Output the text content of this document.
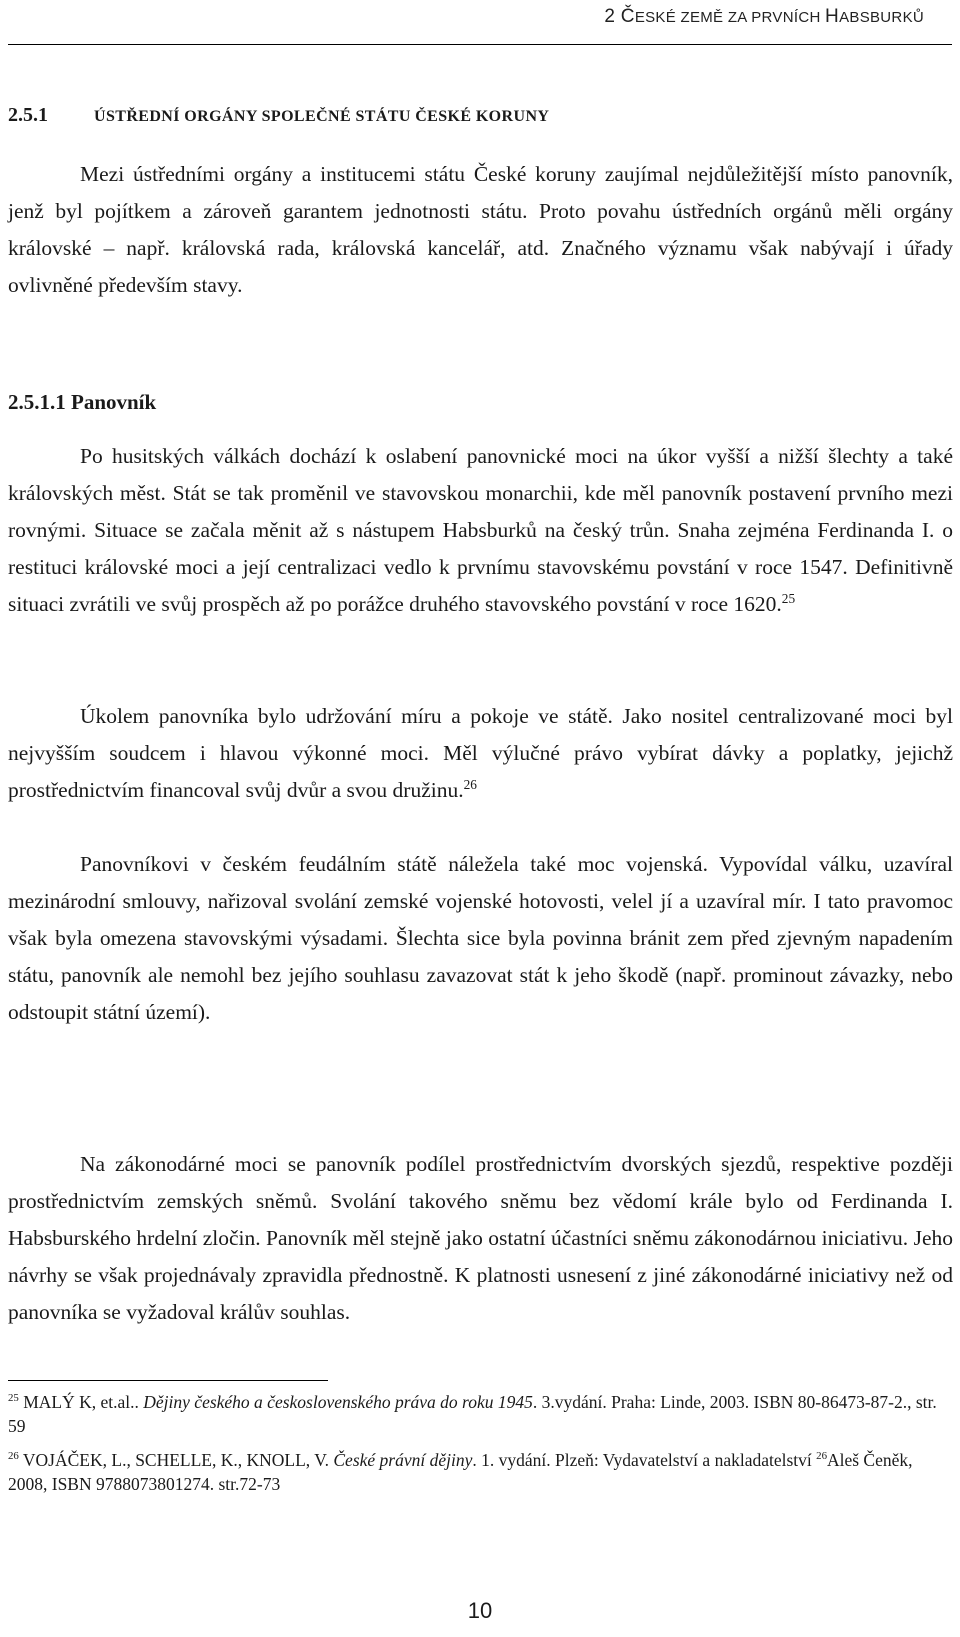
2 ČESKÉ ZEMĚ ZA PRVNÍCH HABSBURKŮ
2.5.1	ÚSTŘEDNÍ ORGÁNY SPOLEČNÉ STÁTU ČESKÉ KORUNY

Mezi ústředními orgány a institucemi státu České koruny zaujímal nejdůležitější místo panovník, jenž byl pojítkem a zároveň garantem jednotnosti státu. Proto povahu ústředních orgánů měli orgány královské – např. královská rada, královská kancelář, atd. Značného významu však nabývají i úřady ovlivněné především stavy.

2.5.1.1 Panovník

Po husitských válkách dochází k oslabení panovnické moci na úkor vyšší a nižší šlechty a také královských měst. Stát se tak proměnil ve stavovskou monarchii, kde měl panovník postavení prvního mezi rovnými. Situace se začala měnit až s nástupem Habsburků na český trůn. Snaha zejména Ferdinanda I. o restituci královské moci a její centralizaci vedlo k prvnímu stavovskému povstání v roce 1547. Definitivně situaci zvrátili ve svůj prospěch až po porážce druhého stavovského povstání v roce 1620.25

Úkolem panovníka bylo udržování míru a pokoje ve státě. Jako nositel centralizované moci byl nejvyšším soudcem i hlavou výkonné moci. Měl výlučné právo vybírat dávky a poplatky, jejichž prostřednictvím financoval svůj dvůr a svou družinu.$^{26}$

Panovníkovi v českém feudálním státě náležela také moc vojenská. Vypovídal válku, uzavíral mezinárodní smlouvy, nařizoval svolání zemské vojenské hotovosti, velel jí a uzavíral mír. I tato pravomoc však byla omezena stavovskými výsadami. Šlechta sice byla povinna bránit zem před zjevným napadením státu, panovník ale nemohl bez jejího souhlasu zavazovat stát k jeho škodě (např. prominout závazky, nebo odstoupit státní území).

Na zákonodárné moci se panovník podílel prostřednictvím dvorských sjezdů, respektive později prostřednictvím zemských sněmů. Svolání takového sněmu bez vědomí krále bylo od Ferdinanda I. Habsburského hrdelní zločin. Panovník měl stejně jako ostatní účastníci sněmu zákonodárnou iniciativu. Jeho návrhy se však projednávaly zpravidla přednostně. K platnosti usnesení z jiné zákonodárné iniciativy než od panovníka se vyžadoval králův souhlas.

$^{25}$ MALÝ K, et.al.. Dějiny českého a československého práva do roku 1945. 3.vydání. Praha: Linde, 2003. ISBN 80-86473-87-2., str. 59

$^{26}$ VOJÁČEK, L., SCHELLE, K., KNOLL, V. České právní dějiny. 1. vydání. Plzeň: Vydavatelství a nakladatelství $^{26}$Aleš Čeněk, 2008, ISBN 9788073801274. str.72-73

10
